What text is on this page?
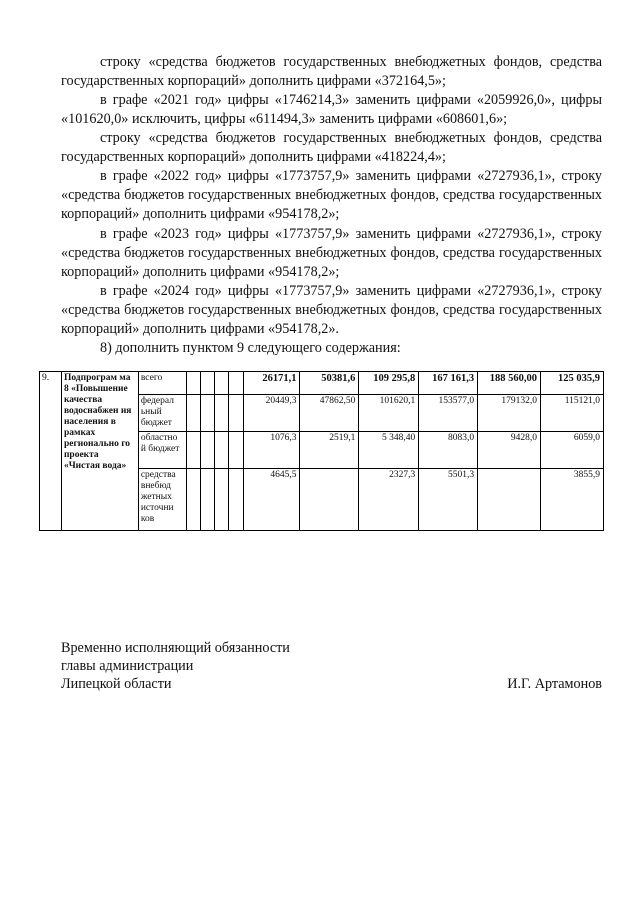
строку «средства бюджетов государственных внебюджетных фондов, средства государственных корпораций» дополнить цифрами «372164,5»;
в графе «2021 год» цифры «1746214,3» заменить цифрами «2059926,0», цифры «101620,0» исключить, цифры «611494,3» заменить цифрами «608601,6»;
строку «средства бюджетов государственных внебюджетных фондов, средства государственных корпораций» дополнить цифрами «418224,4»;
в графе «2022 год» цифры «1773757,9» заменить цифрами «2727936,1», строку «средства бюджетов государственных внебюджетных фондов, средства государственных корпораций» дополнить цифрами «954178,2»;
в графе «2023 год» цифры «1773757,9» заменить цифрами «2727936,1», строку «средства бюджетов государственных внебюджетных фондов, средства государственных корпораций» дополнить цифрами «954178,2»;
в графе «2024 год» цифры «1773757,9» заменить цифрами «2727936,1», строку «средства бюджетов государственных внебюджетных фондов, средства государственных корпораций» дополнить цифрами «954178,2».
8) дополнить пунктом 9 следующего содержания:
9.	Подпрограм ма 8 «Повышение качества водоснабжен ия населения в рамках регионально го проекта «Чистая вода»	всего					26171,1	50381,6	109 295,8	167 161,3	188 560,00	125 035,9
		федерал ьный бюджет					20449,3	47862,50	101620,1	153577,0	179132,0	115121,0
		областно й бюджет					1076,3	2519,1	5 348,40	8083,0	9428,0	6059,0
		средства внебюд жетных источни ков					4645,5		2327,3	5501,3		3855,9
Временно исполняющий обязанности
главы администрации
Липецкой области	И.Г. Артамонов
